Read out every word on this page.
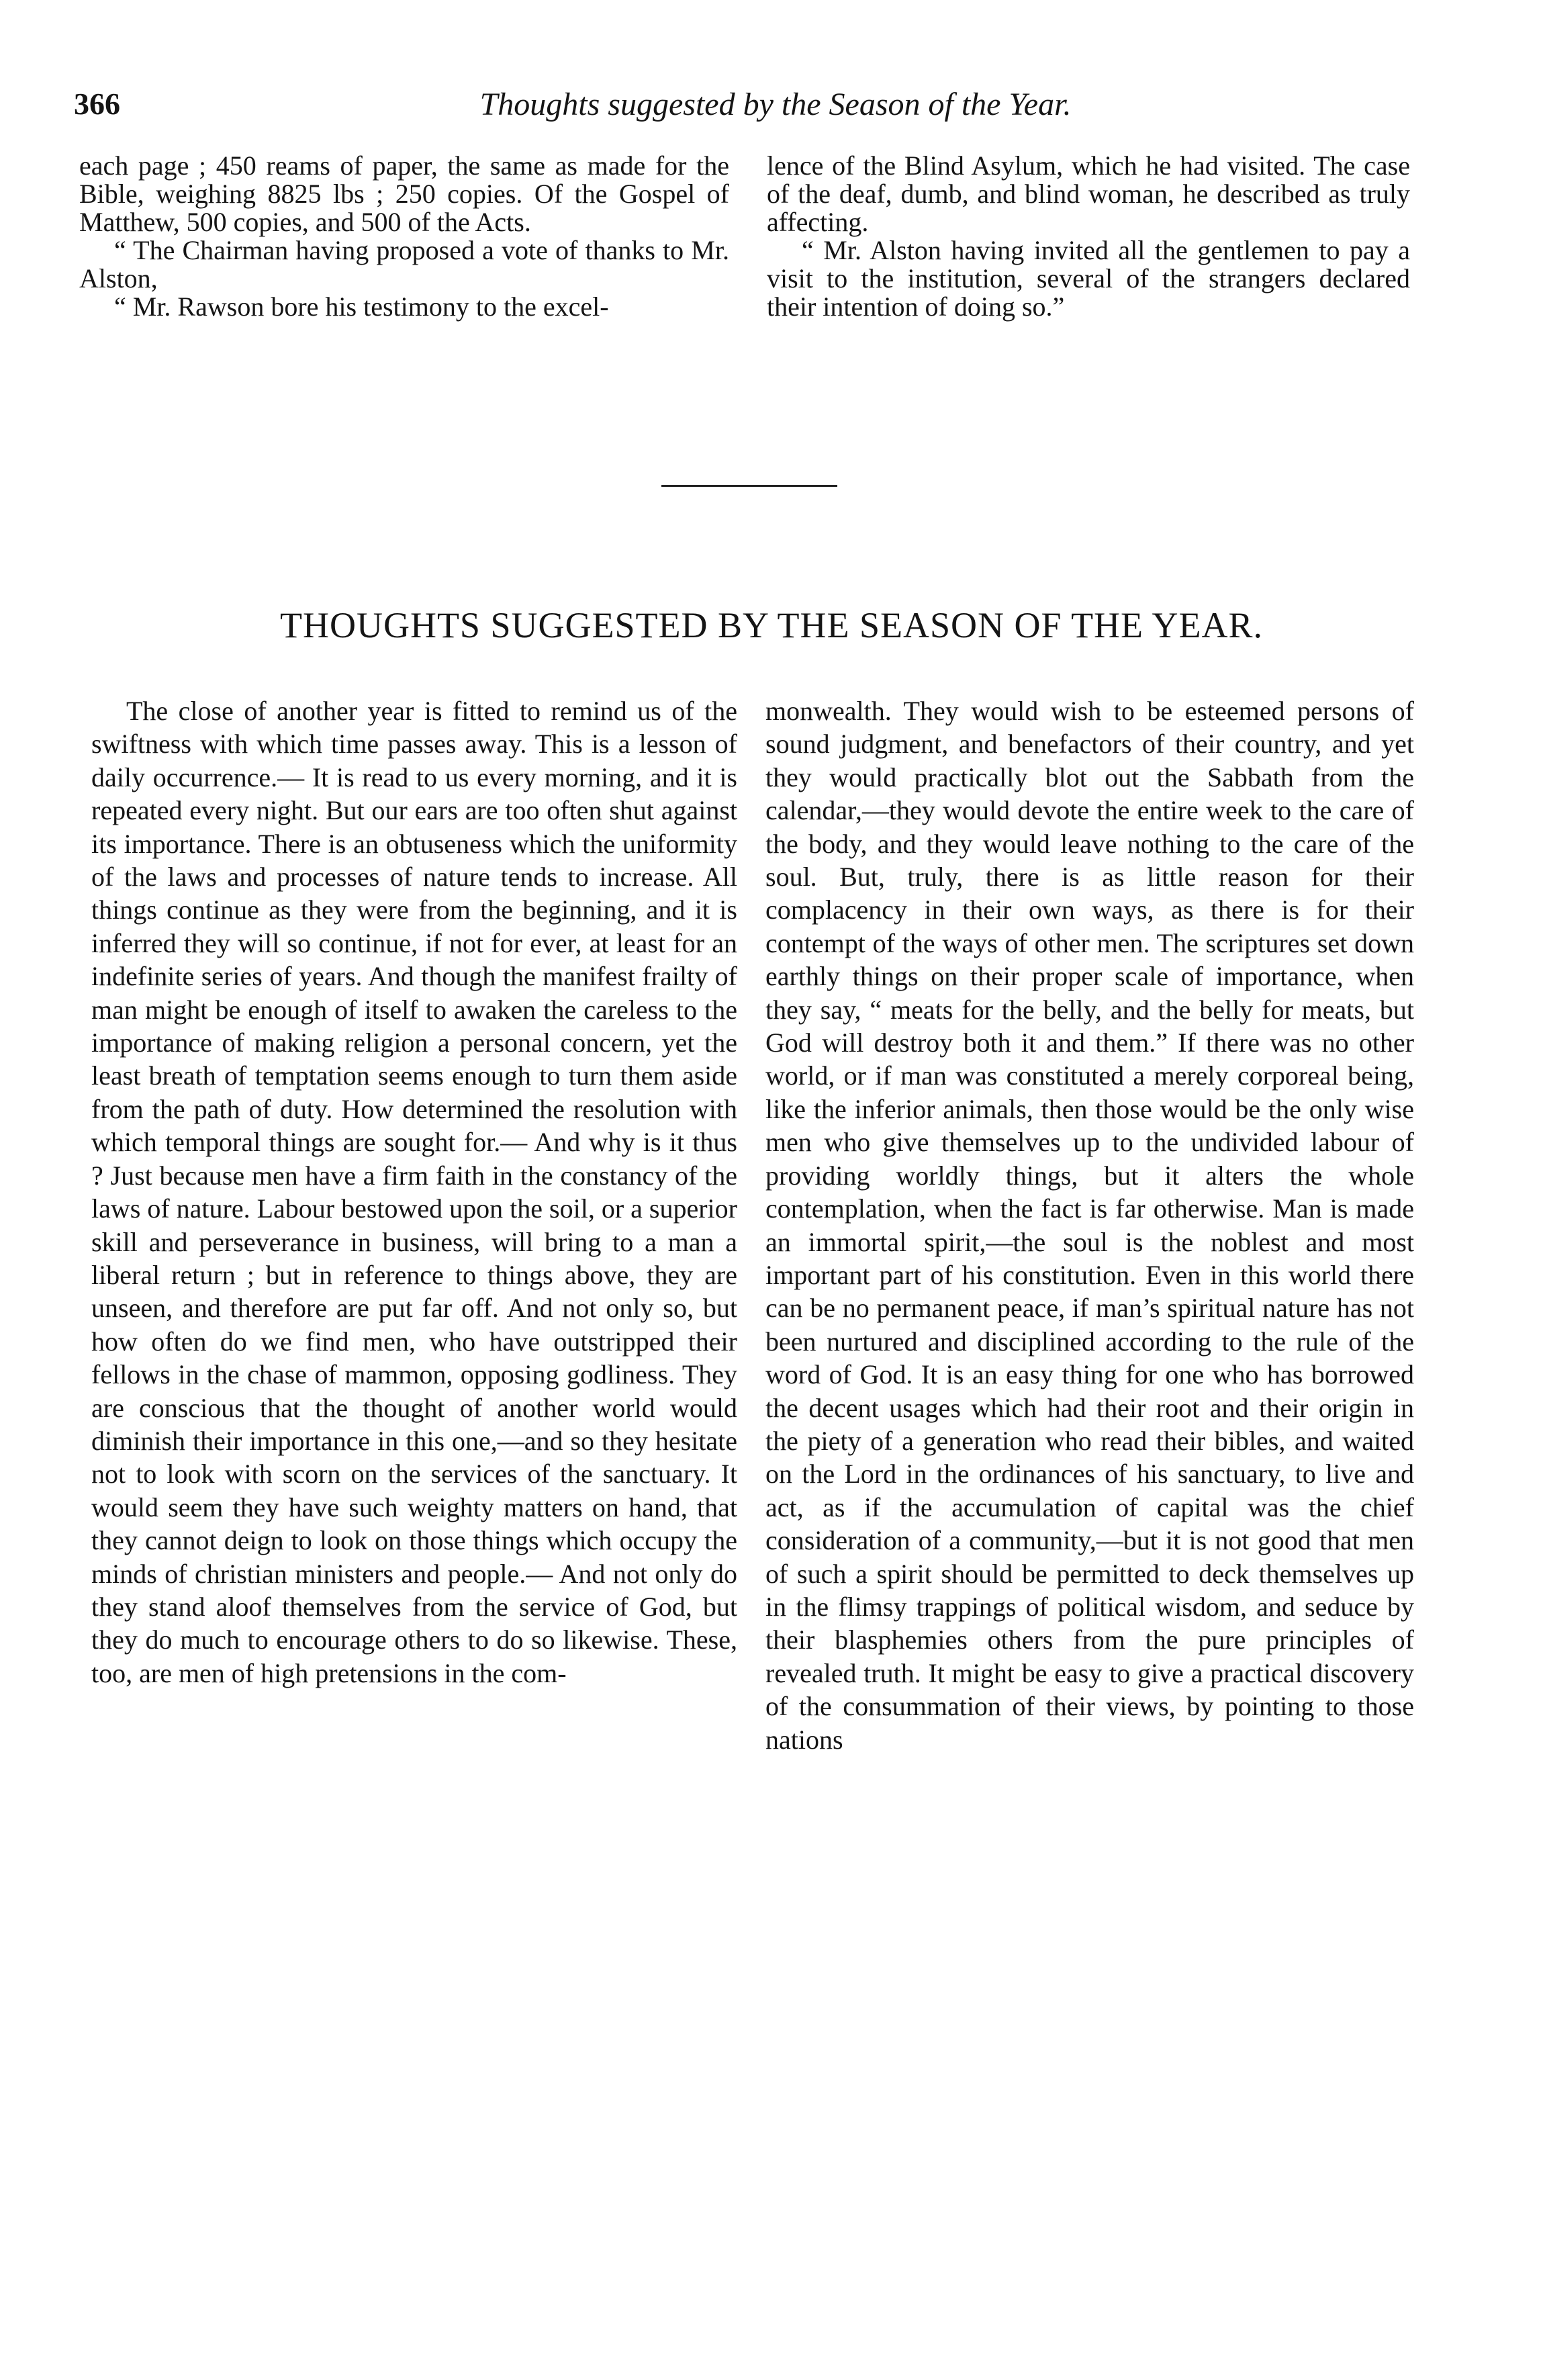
366	Thoughts suggested by the Season of the Year.

each page ; 450 reams of paper, the same as made for the Bible, weighing 8825 lbs ; 250 copies. Of the Gospel of Matthew, 500 copies, and 500 of the Acts.

“ The Chairman having proposed a vote of thanks to Mr. Alston,

“ Mr. Rawson bore his testimony to the excel-

lence of the Blind Asylum, which he had visited. The case of the deaf, dumb, and blind woman, he described as truly affecting.

“ Mr. Alston having invited all the gentlemen to pay a visit to the institution, several of the strangers declared their intention of doing so.”

THOUGHTS SUGGESTED BY THE SEASON OF THE YEAR.

The close of another year is fitted to remind us of the swiftness with which time passes away. This is a lesson of daily occurrence.— It is read to us every morning, and it is repeated every night. But our ears are too often shut against its importance. There is an obtuseness which the uniformity of the laws and processes of nature tends to increase. All things continue as they were from the beginning, and it is inferred they will so continue, if not for ever, at least for an indefinite series of years. And though the manifest frailty of man might be enough of itself to awaken the careless to the importance of making religion a personal concern, yet the least breath of temptation seems enough to turn them aside from the path of duty. How determined the resolution with which temporal things are sought for.— And why is it thus ? Just because men have a firm faith in the constancy of the laws of nature. Labour bestowed upon the soil, or a superior skill and perseverance in business, will bring to a man a liberal return ; but in reference to things above, they are unseen, and therefore are put far off. And not only so, but how often do we find men, who have outstripped their fellows in the chase of mammon, opposing godliness. They are conscious that the thought of another world would diminish their importance in this one,—and so they hesitate not to look with scorn on the services of the sanctuary. It would seem they have such weighty matters on hand, that they cannot deign to look on those things which occupy the minds of christian ministers and people.— And not only do they stand aloof themselves from the service of God, but they do much to encourage others to do so likewise. These, too, are men of high pretensions in the com-

monwealth. They would wish to be esteemed persons of sound judgment, and benefactors of their country, and yet they would practically blot out the Sabbath from the calendar,—they would devote the entire week to the care of the body, and they would leave nothing to the care of the soul. But, truly, there is as little reason for their complacency in their own ways, as there is for their contempt of the ways of other men. The scriptures set down earthly things on their proper scale of importance, when they say, “ meats for the belly, and the belly for meats, but God will destroy both it and them.” If there was no other world, or if man was constituted a merely corporeal being, like the inferior animals, then those would be the only wise men who give themselves up to the undivided labour of providing worldly things, but it alters the whole contemplation, when the fact is far otherwise. Man is made an immortal spirit,—the soul is the noblest and most important part of his constitution. Even in this world there can be no permanent peace, if man’s spiritual nature has not been nurtured and disciplined according to the rule of the word of God. It is an easy thing for one who has borrowed the decent usages which had their root and their origin in the piety of a generation who read their bibles, and waited on the Lord in the ordinances of his sanctuary, to live and act, as if the accumulation of capital was the chief consideration of a community,—but it is not good that men of such a spirit should be permitted to deck themselves up in the flimsy trappings of political wisdom, and seduce by their blasphemies others from the pure principles of revealed truth. It might be easy to give a practical discovery of the consummation of their views, by pointing to those nations
